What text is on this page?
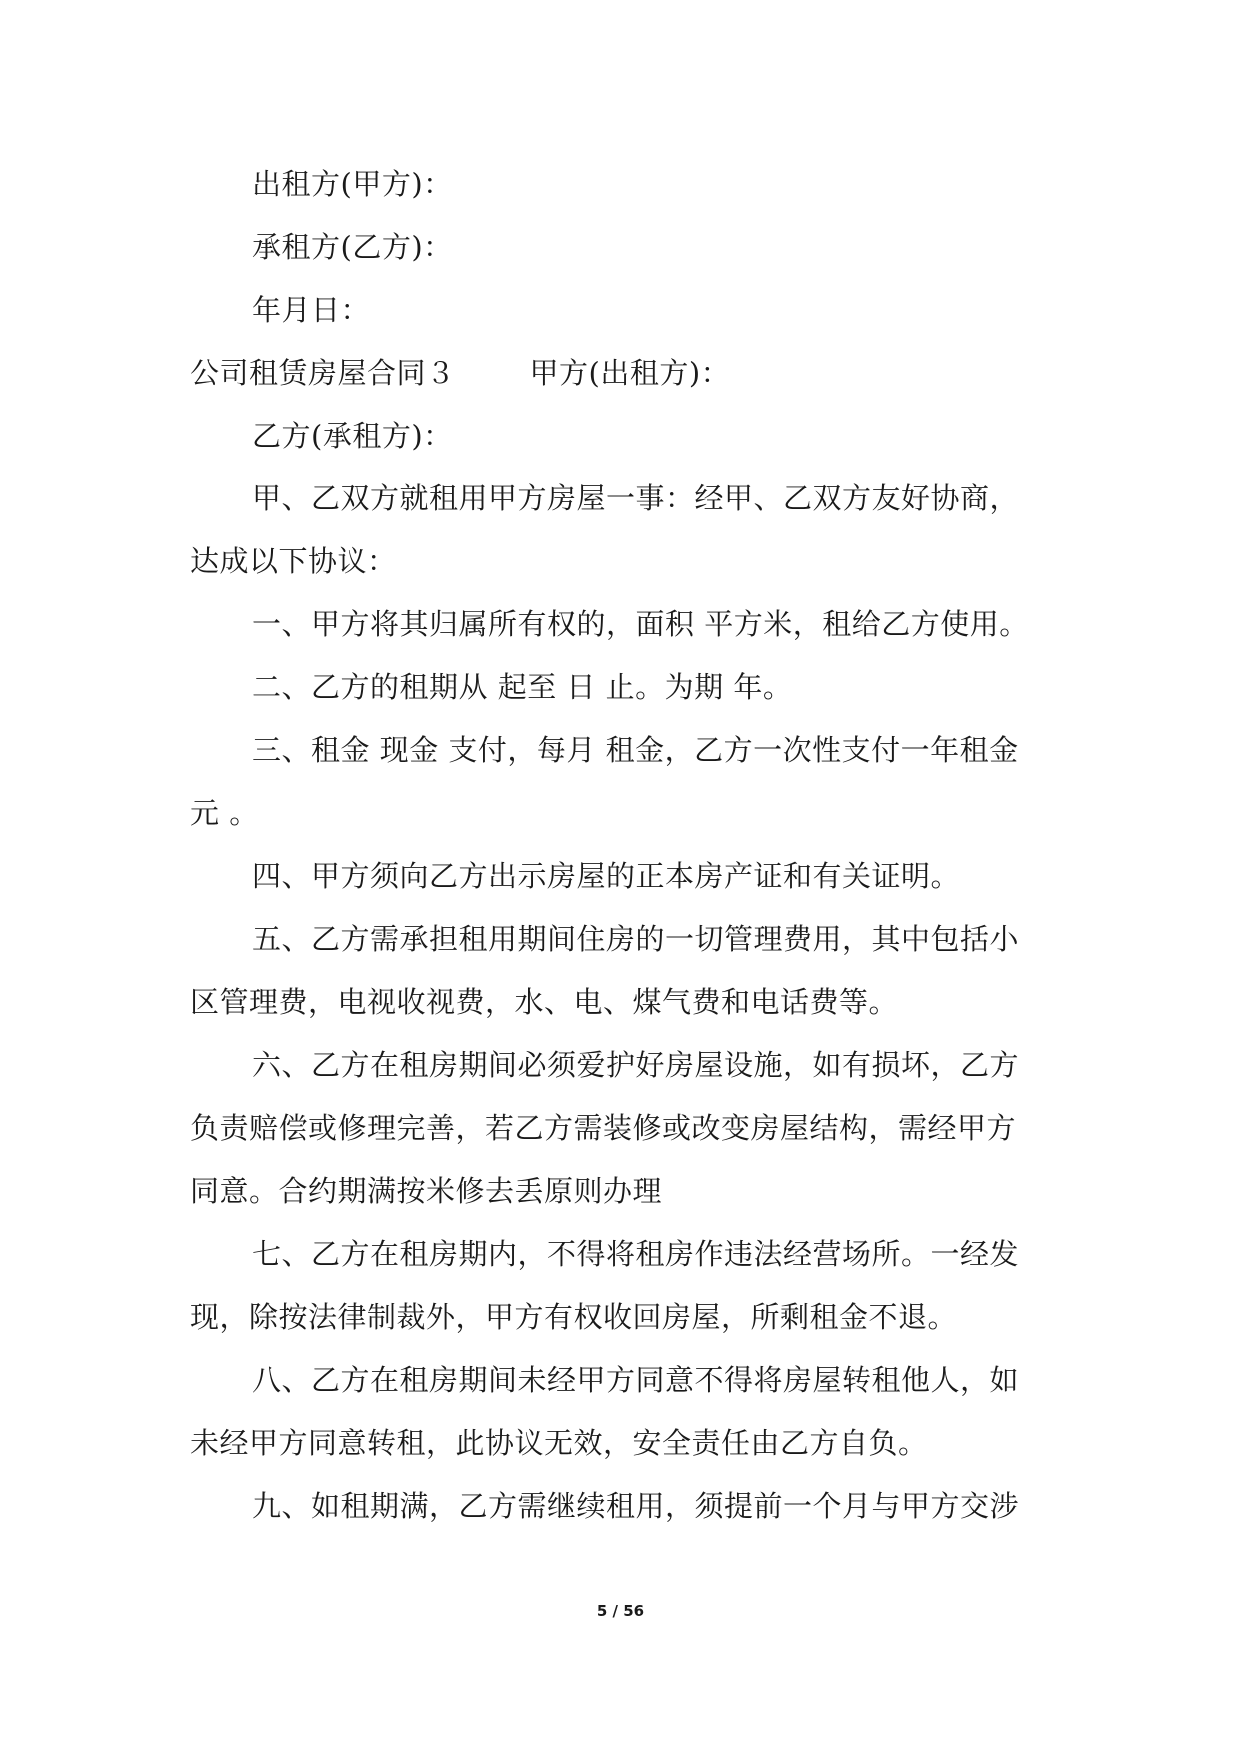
出租方(甲方)：
承租方(乙方)：
年月日：
公司租赁房屋合同３	甲方(出租方)：
乙方(承租方)：
甲、乙双方就租用甲方房屋一事：经甲、乙双方友好协商，
达成以下协议：
一、甲方将其归属所有权的，面积 平方米，租给乙方使用。
二、乙方的租期从 起至 日 止。为期 年。
三、租金 现金 支付，每月 租金，乙方一次性支付一年租金
元 。
四、甲方须向乙方出示房屋的正本房产证和有关证明。
五、乙方需承担租用期间住房的一切管理费用，其中包括小
区管理费，电视收视费，水、电、煤气费和电话费等。
六、乙方在租房期间必须爱护好房屋设施，如有损坏，乙方
负责赔偿或修理完善，若乙方需装修或改变房屋结构，需经甲方
同意。合约期满按米修去丢原则办理
七、乙方在租房期内，不得将租房作违法经营场所。一经发
现，除按法律制裁外，甲方有权收回房屋，所剩租金不退。
八、乙方在租房期间未经甲方同意不得将房屋转租他人，如
未经甲方同意转租，此协议无效，安全责任由乙方自负。
九、如租期满，乙方需继续租用，须提前一个月与甲方交涉
5 / 56
